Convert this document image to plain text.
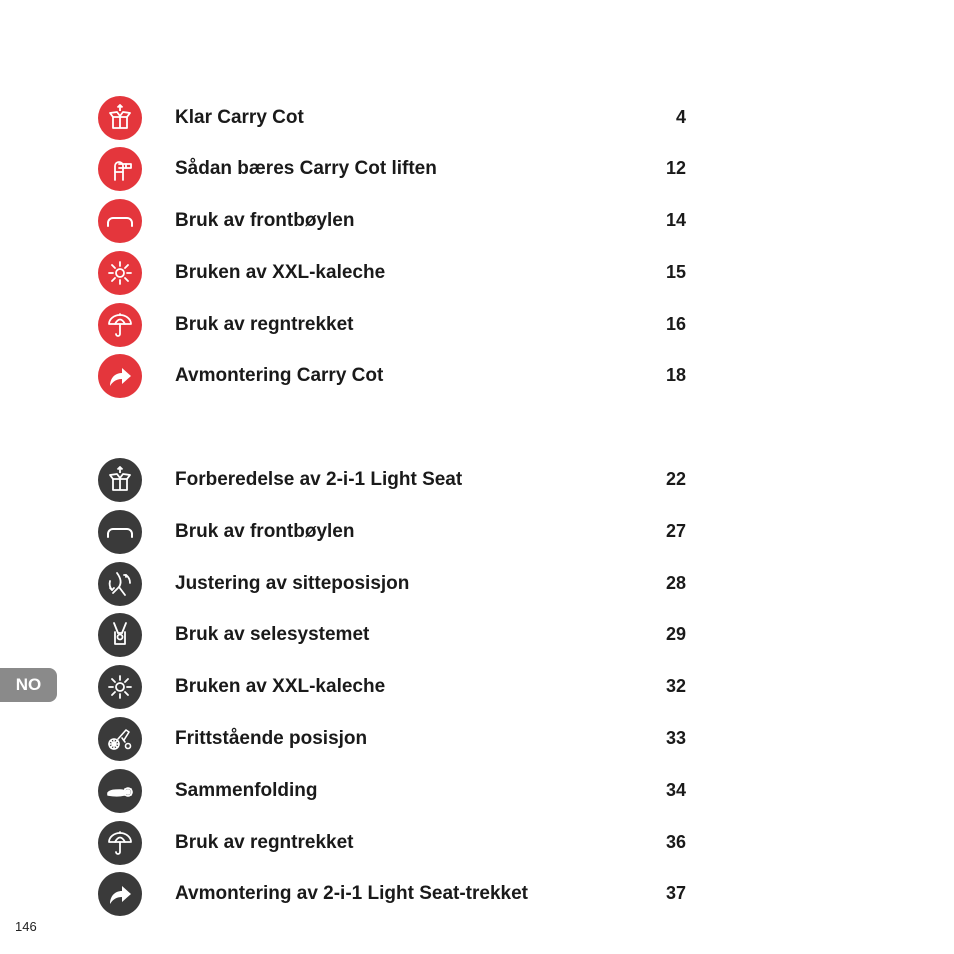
Klar Carry Cot	4
Sådan bæres Carry Cot liften	12
Bruk av frontbøylen	14
Bruken av XXL-kaleche	15
Bruk av regntrekket	16
Avmontering Carry Cot	18
Forberedelse av 2-i-1 Light Seat	22
Bruk av frontbøylen	27
Justering av sitteposisjon	28
Bruk av selesystemet	29
Bruken av XXL-kaleche	32
Frittstående posisjon	33
Sammenfolding	34
Bruk av regntrekket	36
Avmontering av 2-i-1 Light Seat-trekket	37
NO
146
